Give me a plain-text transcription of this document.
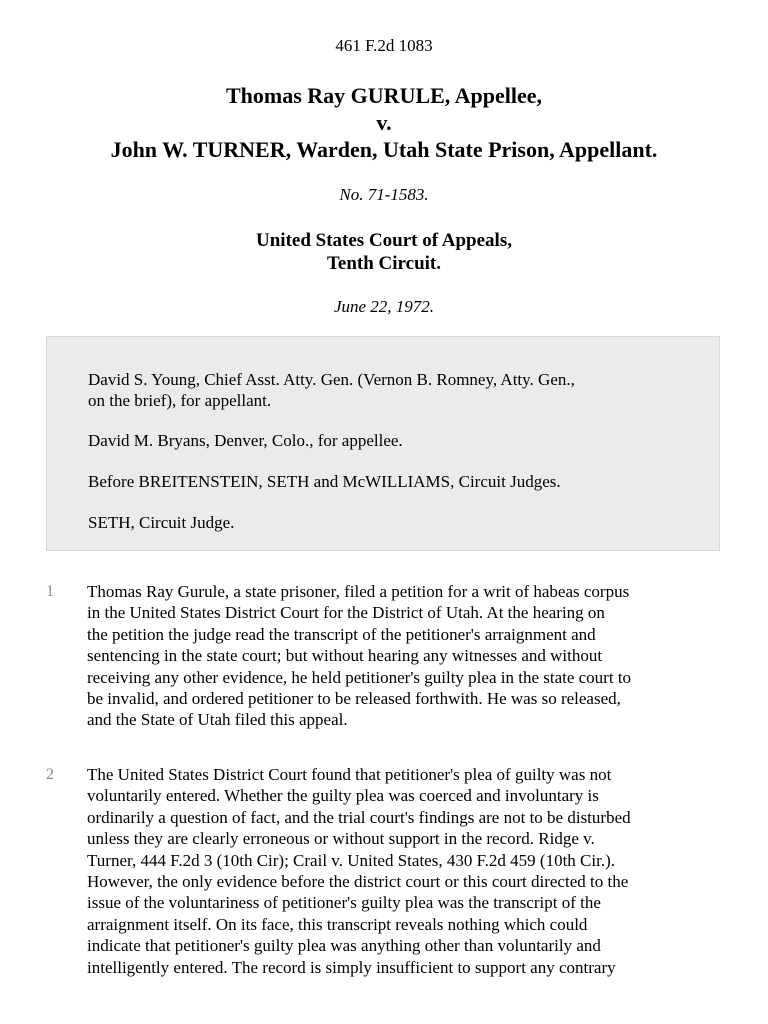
461 F.2d 1083
Thomas Ray GURULE, Appellee,
v.
John W. TURNER, Warden, Utah State Prison, Appellant.
No. 71-1583.
United States Court of Appeals,
Tenth Circuit.
June 22, 1972.

David S. Young, Chief Asst. Atty. Gen. (Vernon B. Romney, Atty. Gen.,
on the brief), for appellant.

David M. Bryans, Denver, Colo., for appellee.

Before BREITENSTEIN, SETH and McWILLIAMS, Circuit Judges.

SETH, Circuit Judge.

1 Thomas Ray Gurule, a state prisoner, filed a petition for a writ of habeas corpus
in the United States District Court for the District of Utah. At the hearing on
the petition the judge read the transcript of the petitioner's arraignment and
sentencing in the state court; but without hearing any witnesses and without
receiving any other evidence, he held petitioner's guilty plea in the state court to
be invalid, and ordered petitioner to be released forthwith. He was so released,
and the State of Utah filed this appeal.

2 The United States District Court found that petitioner's plea of guilty was not
voluntarily entered. Whether the guilty plea was coerced and involuntary is
ordinarily a question of fact, and the trial court's findings are not to be disturbed
unless they are clearly erroneous or without support in the record. Ridge v.
Turner, 444 F.2d 3 (10th Cir); Crail v. United States, 430 F.2d 459 (10th Cir.).
However, the only evidence before the district court or this court directed to the
issue of the voluntariness of petitioner's guilty plea was the transcript of the
arraignment itself. On its face, this transcript reveals nothing which could
indicate that petitioner's guilty plea was anything other than voluntarily and
intelligently entered. The record is simply insufficient to support any contrary
